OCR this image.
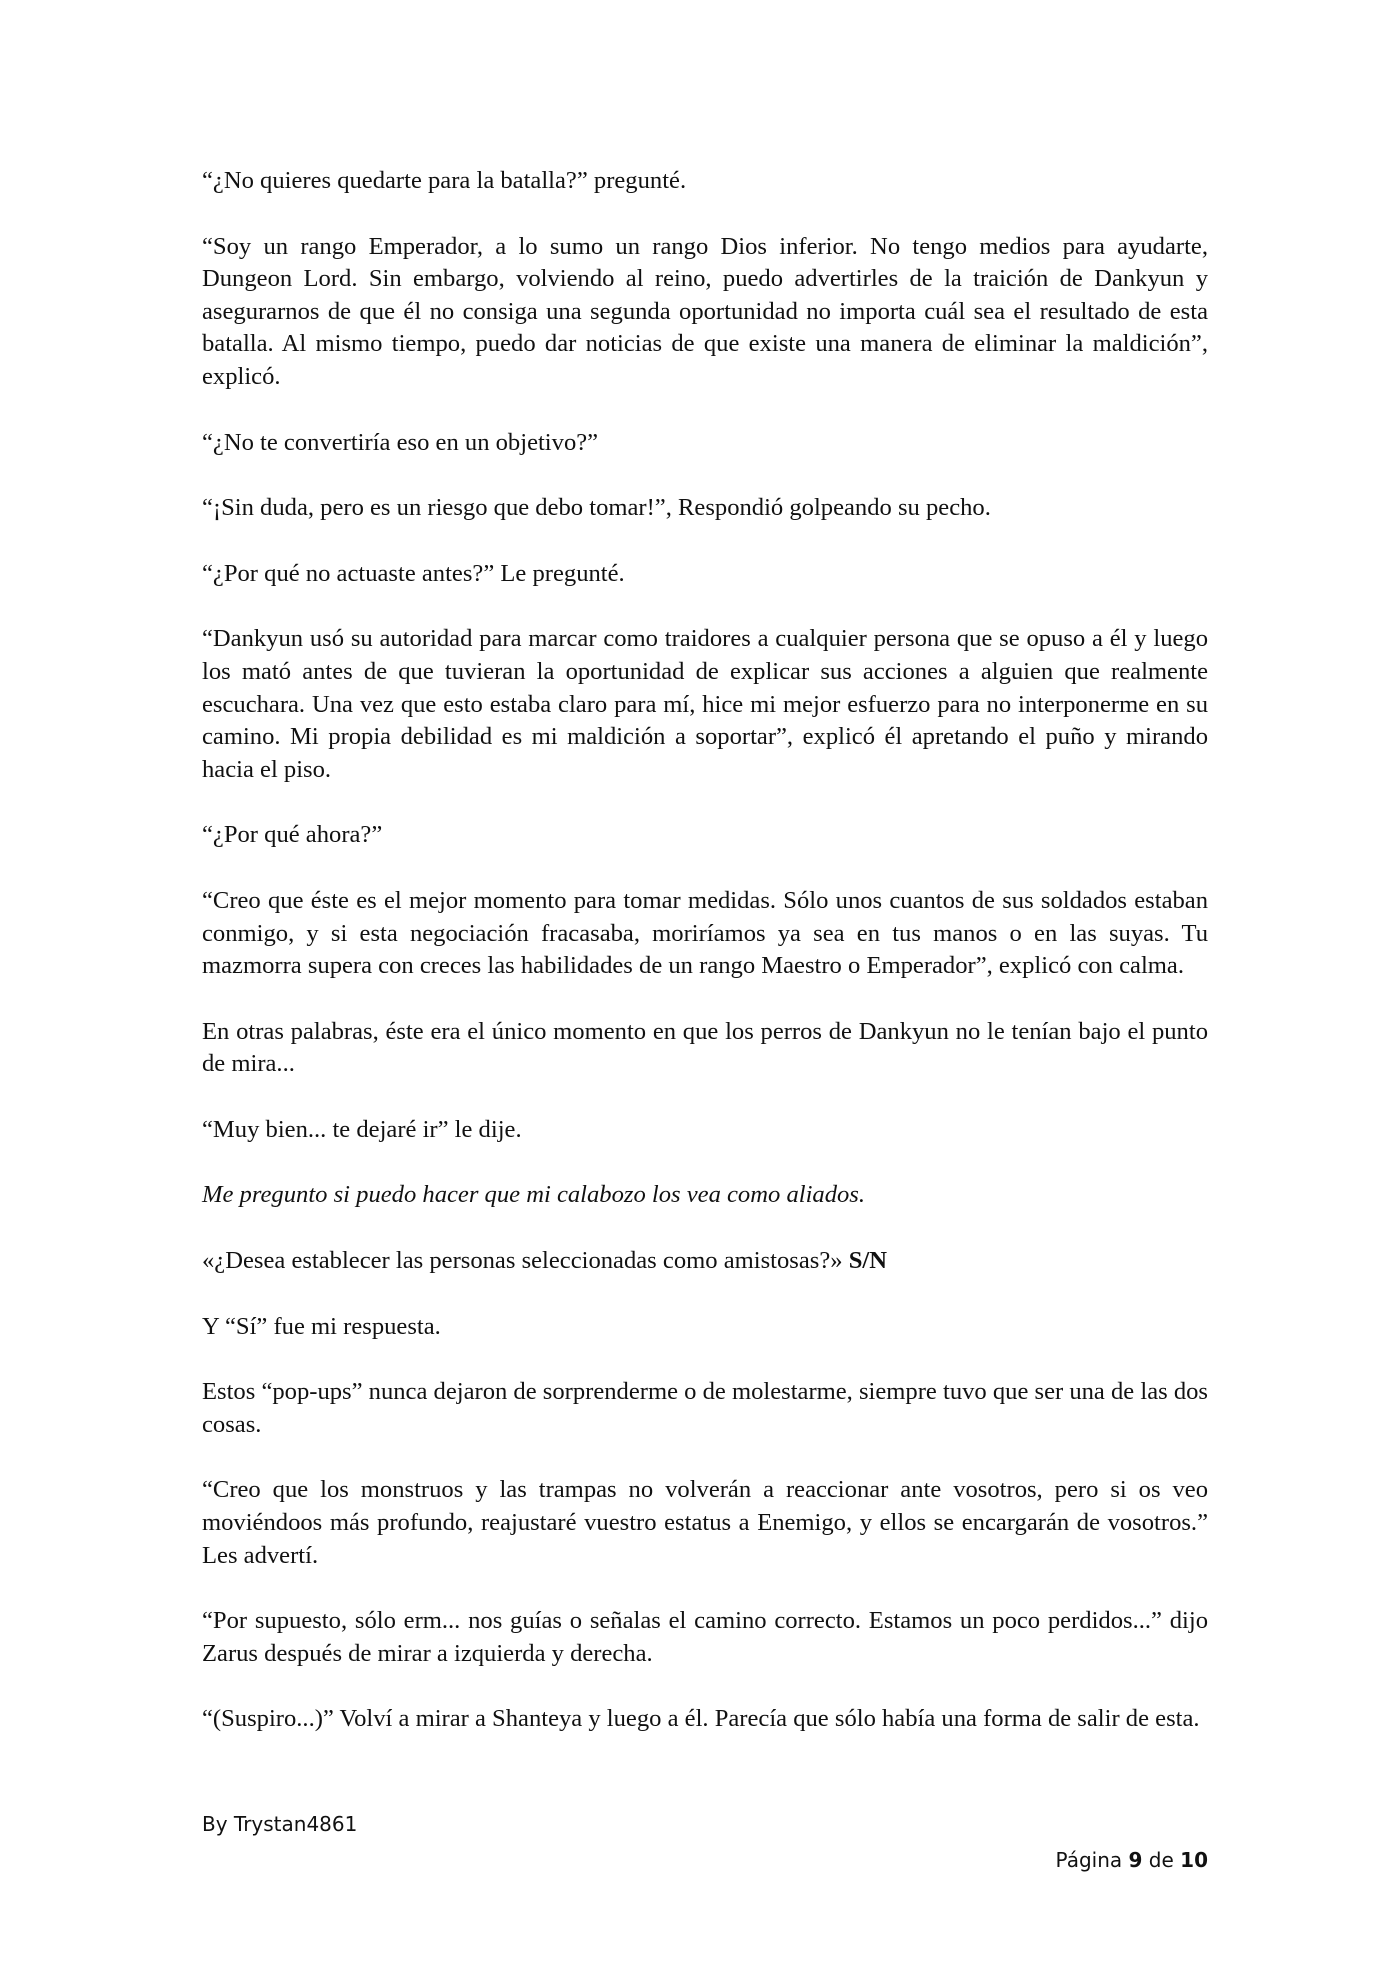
“¿No quieres quedarte para la batalla?” pregunté.

“Soy un rango Emperador, a lo sumo un rango Dios inferior. No tengo medios para ayudarte, Dungeon Lord. Sin embargo, volviendo al reino, puedo advertirles de la traición de Dankyun y asegurarnos de que él no consiga una segunda oportunidad no importa cuál sea el resultado de esta batalla. Al mismo tiempo, puedo dar noticias de que existe una manera de eliminar la maldición”, explicó.

“¿No te convertiría eso en un objetivo?”

“¡Sin duda, pero es un riesgo que debo tomar!”, Respondió golpeando su pecho.

“¿Por qué no actuaste antes?” Le pregunté.

“Dankyun usó su autoridad para marcar como traidores a cualquier persona que se opuso a él y luego los mató antes de que tuvieran la oportunidad de explicar sus acciones a alguien que realmente escuchara. Una vez que esto estaba claro para mí, hice mi mejor esfuerzo para no interponerme en su camino. Mi propia debilidad es mi maldición a soportar”, explicó él apretando el puño y mirando hacia el piso.

“¿Por qué ahora?”

“Creo que éste es el mejor momento para tomar medidas. Sólo unos cuantos de sus soldados estaban conmigo, y si esta negociación fracasaba, moriríamos ya sea en tus manos o en las suyas. Tu mazmorra supera con creces las habilidades de un rango Maestro o Emperador”, explicó con calma.

En otras palabras, éste era el único momento en que los perros de Dankyun no le tenían bajo el punto de mira...

“Muy bien... te dejaré ir” le dije.

Me pregunto si puedo hacer que mi calabozo los vea como aliados.

«¿Desea establecer las personas seleccionadas como amistosas?» S/N

Y “Sí” fue mi respuesta.

Estos “pop-ups” nunca dejaron de sorprenderme o de molestarme, siempre tuvo que ser una de las dos cosas.

“Creo que los monstruos y las trampas no volverán a reaccionar ante vosotros, pero si os veo moviéndoos más profundo, reajustaré vuestro estatus a Enemigo, y ellos se encargarán de vosotros.” Les advertí.

“Por supuesto, sólo erm... nos guías o señalas el camino correcto. Estamos un poco perdidos...” dijo Zarus después de mirar a izquierda y derecha.

“(Suspiro...)” Volví a mirar a Shanteya y luego a él. Parecía que sólo había una forma de salir de esta.

By Trystan4861
Página 9 de 10
